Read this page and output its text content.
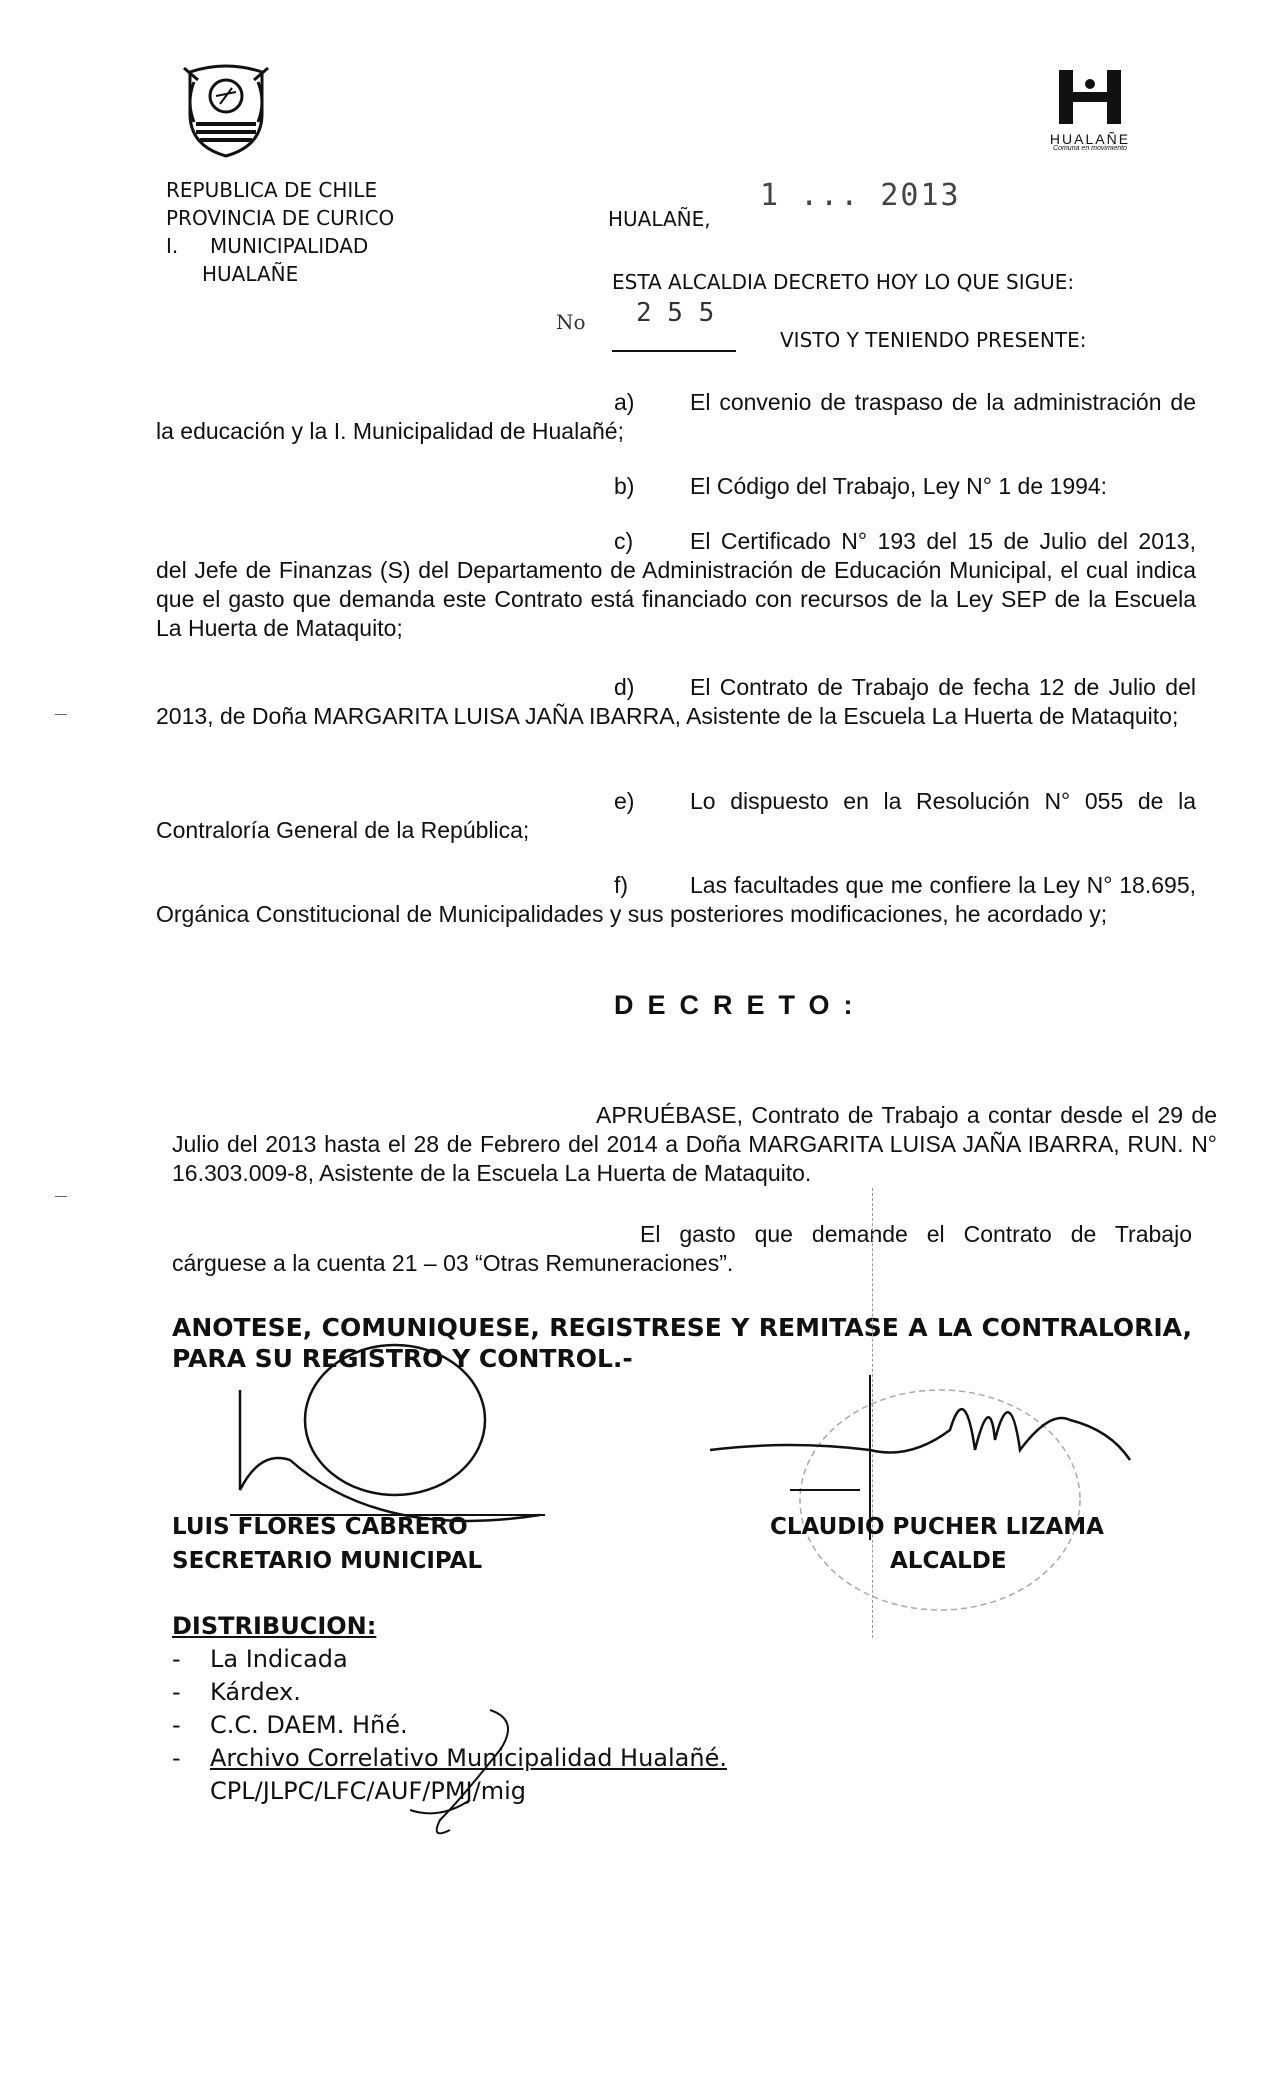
HUALAÑE
Comuna en movimiento
REPUBLICA DE CHILE
PROVINCIA DE CURICO
I.     MUNICIPALIDAD
HUALAÑE
HUALAÑE,
1 ... 2013
ESTA ALCALDIA DECRETO HOY LO QUE SIGUE:
No 2 5 5
VISTO Y TENIENDO PRESENTE:
a) El convenio de traspaso de la administración de la educación y la I. Municipalidad de Hualañé;
b) El Código del Trabajo, Ley N° 1 de 1994:
c) El Certificado N° 193 del 15 de Julio del 2013, del Jefe de Finanzas (S) del Departamento de Administración de Educación Municipal, el cual indica que el gasto que demanda este Contrato está financiado con recursos de la Ley SEP de la Escuela La Huerta de Mataquito;
d) El Contrato de Trabajo de fecha 12 de Julio del 2013, de Doña MARGARITA LUISA JAÑA IBARRA, Asistente de la Escuela La Huerta de Mataquito;
e) Lo dispuesto en la Resolución N° 055 de la Contraloría General de la República;
f)	Las facultades que me confiere la Ley N° 18.695, Orgánica Constitucional de Municipalidades y sus posteriores modificaciones, he acordado y;
DECRETO:
APRUÉBASE, Contrato de Trabajo a contar desde el 29 de Julio del 2013 hasta el 28 de Febrero del 2014 a Doña MARGARITA LUISA JAÑA IBARRA, RUN. N° 16.303.009-8, Asistente de la Escuela La Huerta de Mataquito.
El gasto que demande el Contrato de Trabajo cárguese a la cuenta 21 – 03 “Otras Remuneraciones”.
ANOTESE, COMUNIQUESE, REGISTRESE Y REMITASE A LA CONTRALORIA, PARA SU REGISTRO Y CONTROL.-
LUIS FLORES CABRERO
SECRETARIO MUNICIPAL
CLAUDIO PUCHER LIZAMA
ALCALDE
DISTRIBUCION:
- La Indicada
- Kárdex.
- C.C. DAEM. Hñé.
- Archivo Correlativo Municipalidad Hualañé.
CPL/JLPC/LFC/AUF/PMJ/mig
